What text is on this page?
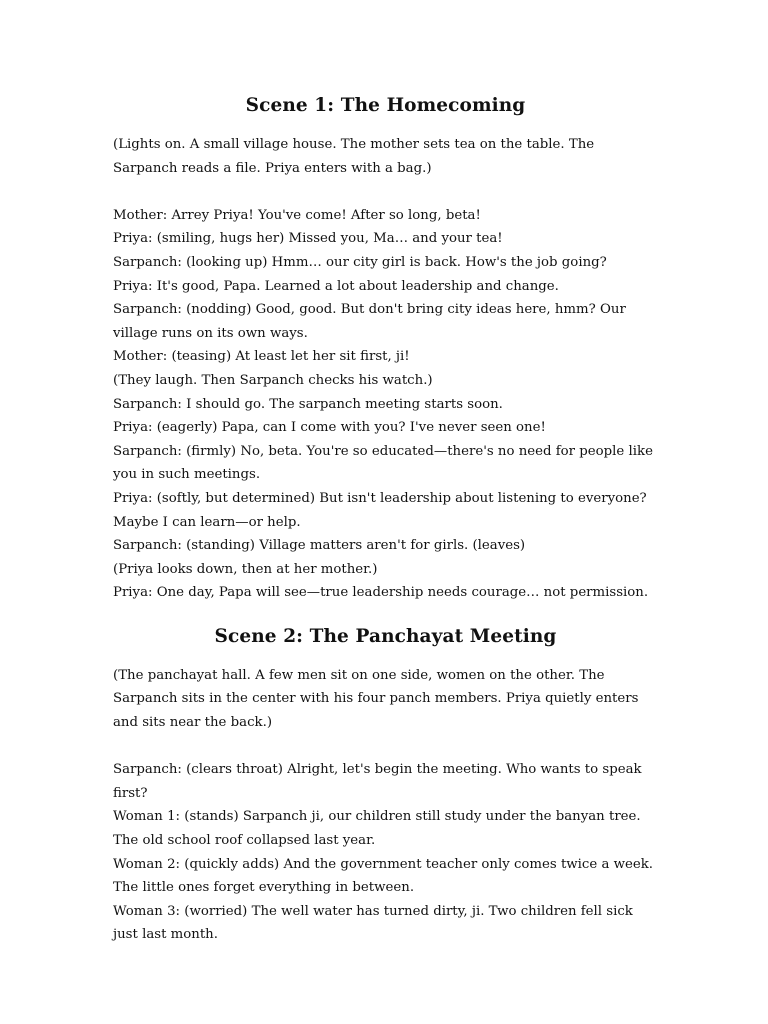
Scene 1: The Homecoming

(Lights on. A small village house. The mother sets tea on the table. The Sarpanch reads a file. Priya enters with a bag.)

Mother: Arrey Priya! You've come! After so long, beta!

Priya: (smiling, hugs her) Missed you, Ma… and your tea!

Sarpanch: (looking up) Hmm… our city girl is back. How's the job going?

Priya: It's good, Papa. Learned a lot about leadership and change.

Sarpanch: (nodding) Good, good. But don't bring city ideas here, hmm? Our village runs on its own ways.

Mother: (teasing) At least let her sit first, ji!

(They laugh. Then Sarpanch checks his watch.)

Sarpanch: I should go. The sarpanch meeting starts soon.

Priya: (eagerly) Papa, can I come with you? I've never seen one!

Sarpanch: (firmly) No, beta. You're so educated—there's no need for people like you in such meetings.

Priya: (softly, but determined) But isn't leadership about listening to everyone? Maybe I can learn—or help.

Sarpanch: (standing) Village matters aren't for girls. (leaves)

(Priya looks down, then at her mother.)

Priya: One day, Papa will see—true leadership needs courage… not permission.

Scene 2: The Panchayat Meeting

(The panchayat hall. A few men sit on one side, women on the other. The Sarpanch sits in the center with his four panch members. Priya quietly enters and sits near the back.)

Sarpanch: (clears throat) Alright, let's begin the meeting. Who wants to speak first?

Woman 1: (stands) Sarpanch ji, our children still study under the banyan tree. The old school roof collapsed last year.

Woman 2: (quickly adds) And the government teacher only comes twice a week. The little ones forget everything in between.

Woman 3: (worried) The well water has turned dirty, ji. Two children fell sick just last month.
